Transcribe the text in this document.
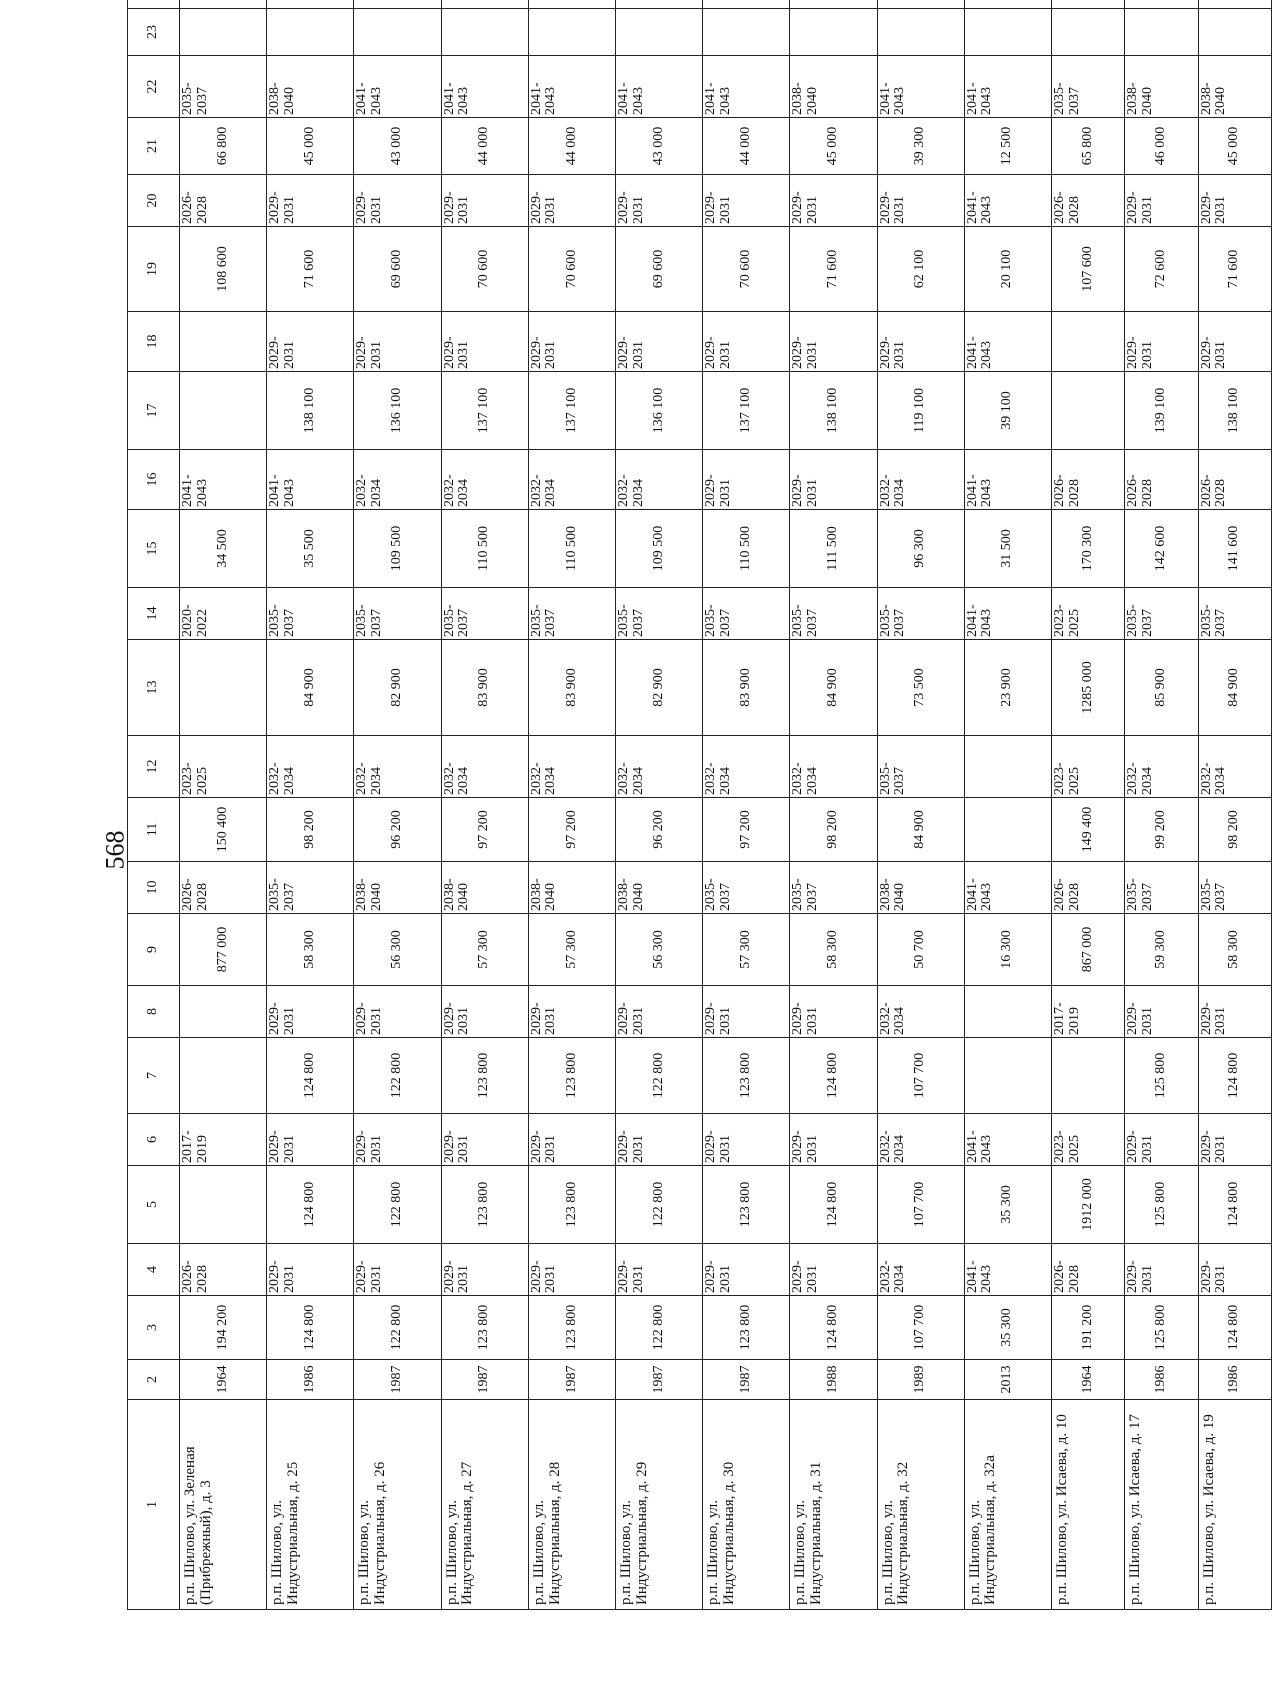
568
1	2	3	4	5	6	7	8	9	10	11	12	13	14	15	16	17	18	19	20	21	22	23	
р.п. Шилово, ул. Зеленая (Прибрежный), д. 3	1964	194 200	2026-2028		2017-2019			877 000	2026-2028	150 400	2023-2025		2020-2022	34 500	2041-2043			108 600	2026-2028	66 800	2035-2037		
р.п. Шилово, ул. Индустриальная, д. 25	1986	124 800	2029-2031	124 800	2029-2031	124 800	2029-2031	58 300	2035-2037	98 200	2032-2034	84 900	2035-2037	35 500	2041-2043	138 100	2029-2031	71 600	2029-2031	45 000	2038-2040		
р.п. Шилово, ул. Индустриальная, д. 26	1987	122 800	2029-2031	122 800	2029-2031	122 800	2029-2031	56 300	2038-2040	96 200	2032-2034	82 900	2035-2037	109 500	2032-2034	136 100	2029-2031	69 600	2029-2031	43 000	2041-2043		
р.п. Шилово, ул. Индустриальная, д. 27	1987	123 800	2029-2031	123 800	2029-2031	123 800	2029-2031	57 300	2038-2040	97 200	2032-2034	83 900	2035-2037	110 500	2032-2034	137 100	2029-2031	70 600	2029-2031	44 000	2041-2043		
р.п. Шилово, ул. Индустриальная, д. 28	1987	123 800	2029-2031	123 800	2029-2031	123 800	2029-2031	57 300	2038-2040	97 200	2032-2034	83 900	2035-2037	110 500	2032-2034	137 100	2029-2031	70 600	2029-2031	44 000	2041-2043		
р.п. Шилово, ул. Индустриальная, д. 29	1987	122 800	2029-2031	122 800	2029-2031	122 800	2029-2031	56 300	2038-2040	96 200	2032-2034	82 900	2035-2037	109 500	2032-2034	136 100	2029-2031	69 600	2029-2031	43 000	2041-2043		
р.п. Шилово, ул. Индустриальная, д. 30	1987	123 800	2029-2031	123 800	2029-2031	123 800	2029-2031	57 300	2035-2037	97 200	2032-2034	83 900	2035-2037	110 500	2029-2031	137 100	2029-2031	70 600	2029-2031	44 000	2041-2043		
р.п. Шилово, ул. Индустриальная, д. 31	1988	124 800	2029-2031	124 800	2029-2031	124 800	2029-2031	58 300	2035-2037	98 200	2032-2034	84 900	2035-2037	111 500	2029-2031	138 100	2029-2031	71 600	2029-2031	45 000	2038-2040		
р.п. Шилово, ул. Индустриальная, д. 32	1989	107 700	2032-2034	107 700	2032-2034	107 700	2032-2034	50 700	2038-2040	84 900	2035-2037	73 500	2035-2037	96 300	2032-2034	119 100	2029-2031	62 100	2029-2031	39 300	2041-2043		
р.п. Шилово, ул. Индустриальная, д. 32а	2013	35 300	2041-2043	35 300	2041-2043			16 300	2041-2043			23 900	2041-2043	31 500	2041-2043	39 100	2041-2043	20 100	2041-2043	12 500	2041-2043		
р.п. Шилово, ул. Исаева, д. 10	1964	191 200	2026-2028	1912 000	2023-2025		2017-2019	867 000	2026-2028	149 400	2023-2025	1285 000	2023-2025	170 300	2026-2028			107 600	2026-2028	65 800	2035-2037		
р.п. Шилово, ул. Исаева, д. 17	1986	125 800	2029-2031	125 800	2029-2031	125 800	2029-2031	59 300	2035-2037	99 200	2032-2034	85 900	2035-2037	142 600	2026-2028	139 100	2029-2031	72 600	2029-2031	46 000	2038-2040		
р.п. Шилово, ул. Исаева, д. 19	1986	124 800	2029-2031	124 800	2029-2031	124 800	2029-2031	58 300	2035-2037	98 200	2032-2034	84 900	2035-2037	141 600	2026-2028	138 100	2029-2031	71 600	2029-2031	45 000	2038-2040		
